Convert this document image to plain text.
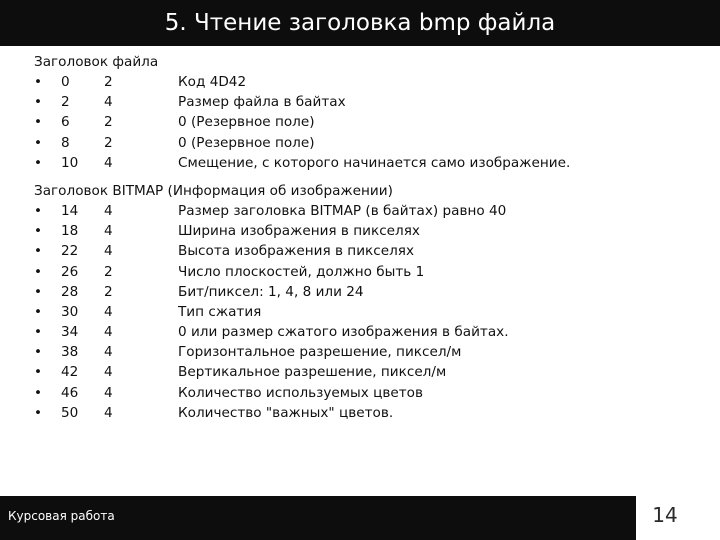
5. Чтение заголовка bmp файла
Заголовок файла
• 0	2	Код 4D42
• 2	4	Размер файла в байтах
• 6	2	0 (Резервное поле)
• 8	2	0 (Резервное поле)
• 10 4	Смещение, с которого начинается само изображение.
Заголовок BITMAP (Информация об изображении)
• 14 4	Размер заголовка BITMAP (в байтах) равно 40
• 18 4	Ширина изображения в пикселях
• 22 4	Высота изображения в пикселях
• 26 2	Число плоскостей, должно быть 1
• 28 2	Бит/пиксел: 1, 4, 8 или 24
• 30 4	Тип сжатия
• 34 4	0 или размер сжатого изображения в байтах.
• 38 4	Горизонтальное разрешение, пиксел/м
• 42 4	Вертикальное разрешение, пиксел/м
• 46 4	Количество используемых цветов
• 50 4	Количество "важных" цветов.
Курсовая работа	14
